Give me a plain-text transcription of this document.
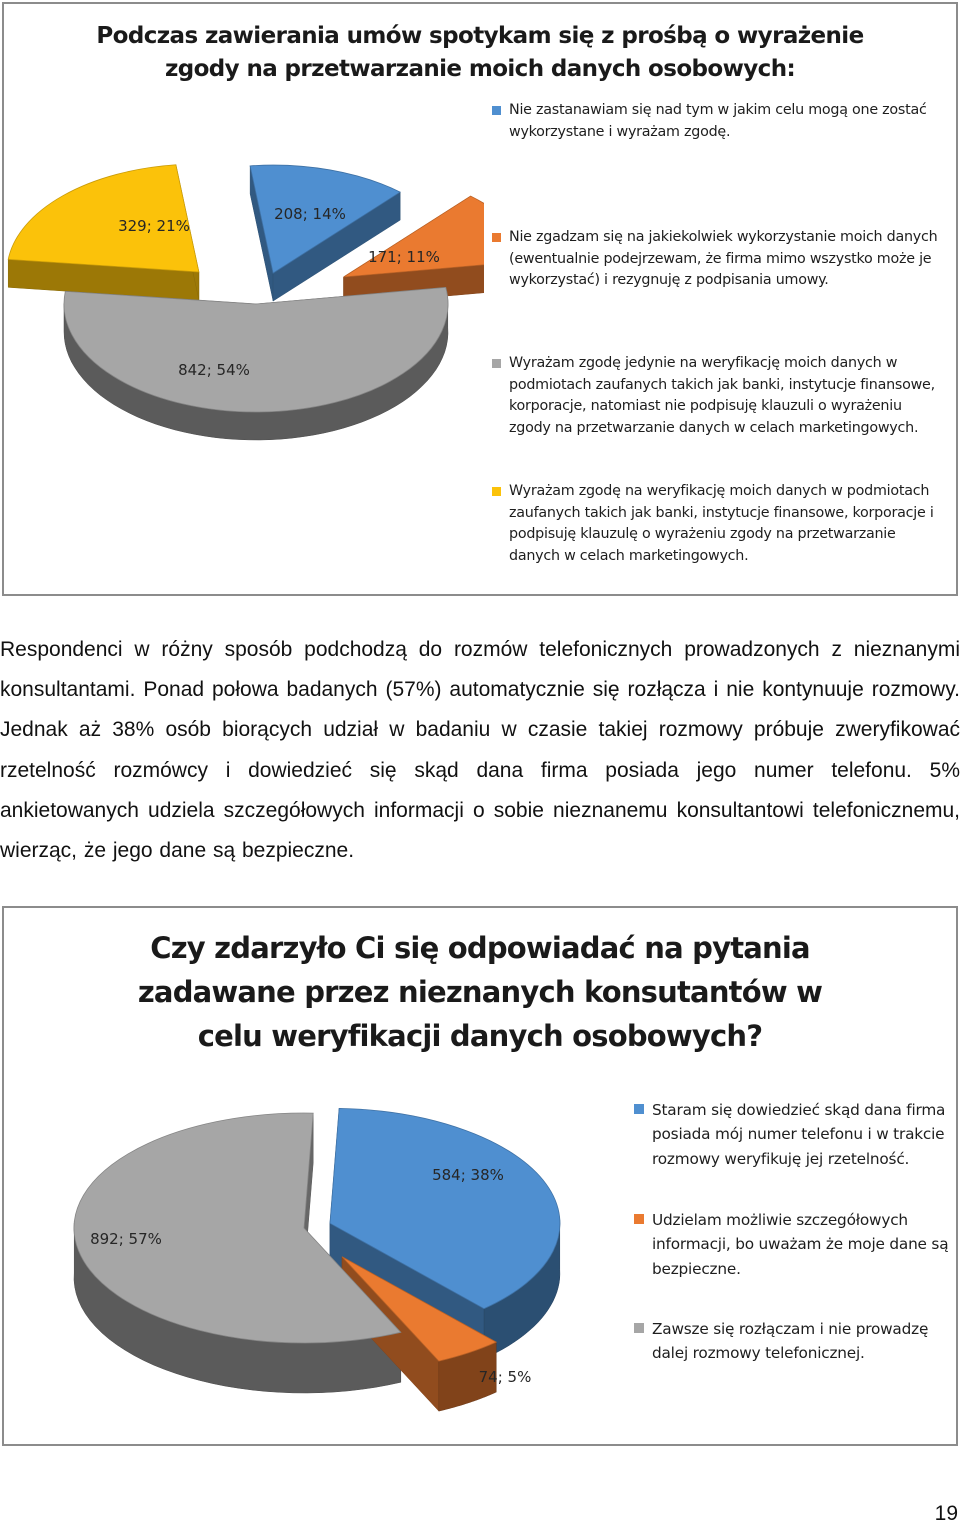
Podczas zawierania umów spotykam się z prośbą o wyrażenie zgody na przetwarzanie moich danych osobowych:
208; 14%
171; 11%
842; 54%
329; 21%
Nie zastanawiam się nad tym w jakim celu mogą one zostać wykorzystane i wyrażam zgodę.
Nie zgadzam się na jakiekolwiek wykorzystanie moich danych (ewentualnie podejrzewam, że firma mimo wszystko może je wykorzystać) i rezygnuję z podpisania umowy.
Wyrażam zgodę jedynie na weryfikację moich danych w podmiotach zaufanych takich jak banki, instytucje finansowe, korporacje, natomiast nie podpisuję klauzuli o wyrażeniu zgody na przetwarzanie danych w celach marketingowych.
Wyrażam zgodę na weryfikację moich danych w podmiotach zaufanych takich jak banki, instytucje finansowe, korporacje i podpisuję klauzulę o wyrażeniu zgody na przetwarzanie danych w celach marketingowych.
Respondenci w różny sposób podchodzą do rozmów telefonicznych prowadzonych z nieznanymi konsultantami. Ponad połowa badanych (57%) automatycznie się rozłącza i nie kontynuuje rozmowy. Jednak aż 38% osób biorących udział w badaniu w czasie takiej rozmowy próbuje zweryfikować rzetelność rozmówcy i dowiedzieć się skąd dana firma posiada jego numer telefonu. 5% ankietowanych udziela szczegółowych informacji o sobie nieznanemu konsultantowi telefonicznemu, wierząc, że jego dane są bezpieczne.
Czy zdarzyło Ci się odpowiadać na pytania zadawane przez nieznanych konsutantów w celu weryfikacji danych osobowych?
584; 38%
74; 5%
892; 57%
Staram się dowiedzieć skąd dana firma posiada mój numer telefonu i w trakcie rozmowy weryfikuję jej rzetelność.
Udzielam możliwie szczegółowych informacji, bo uważam że moje dane są bezpieczne.
Zawsze się rozłączam i nie prowadzę dalej rozmowy telefonicznej.
19
